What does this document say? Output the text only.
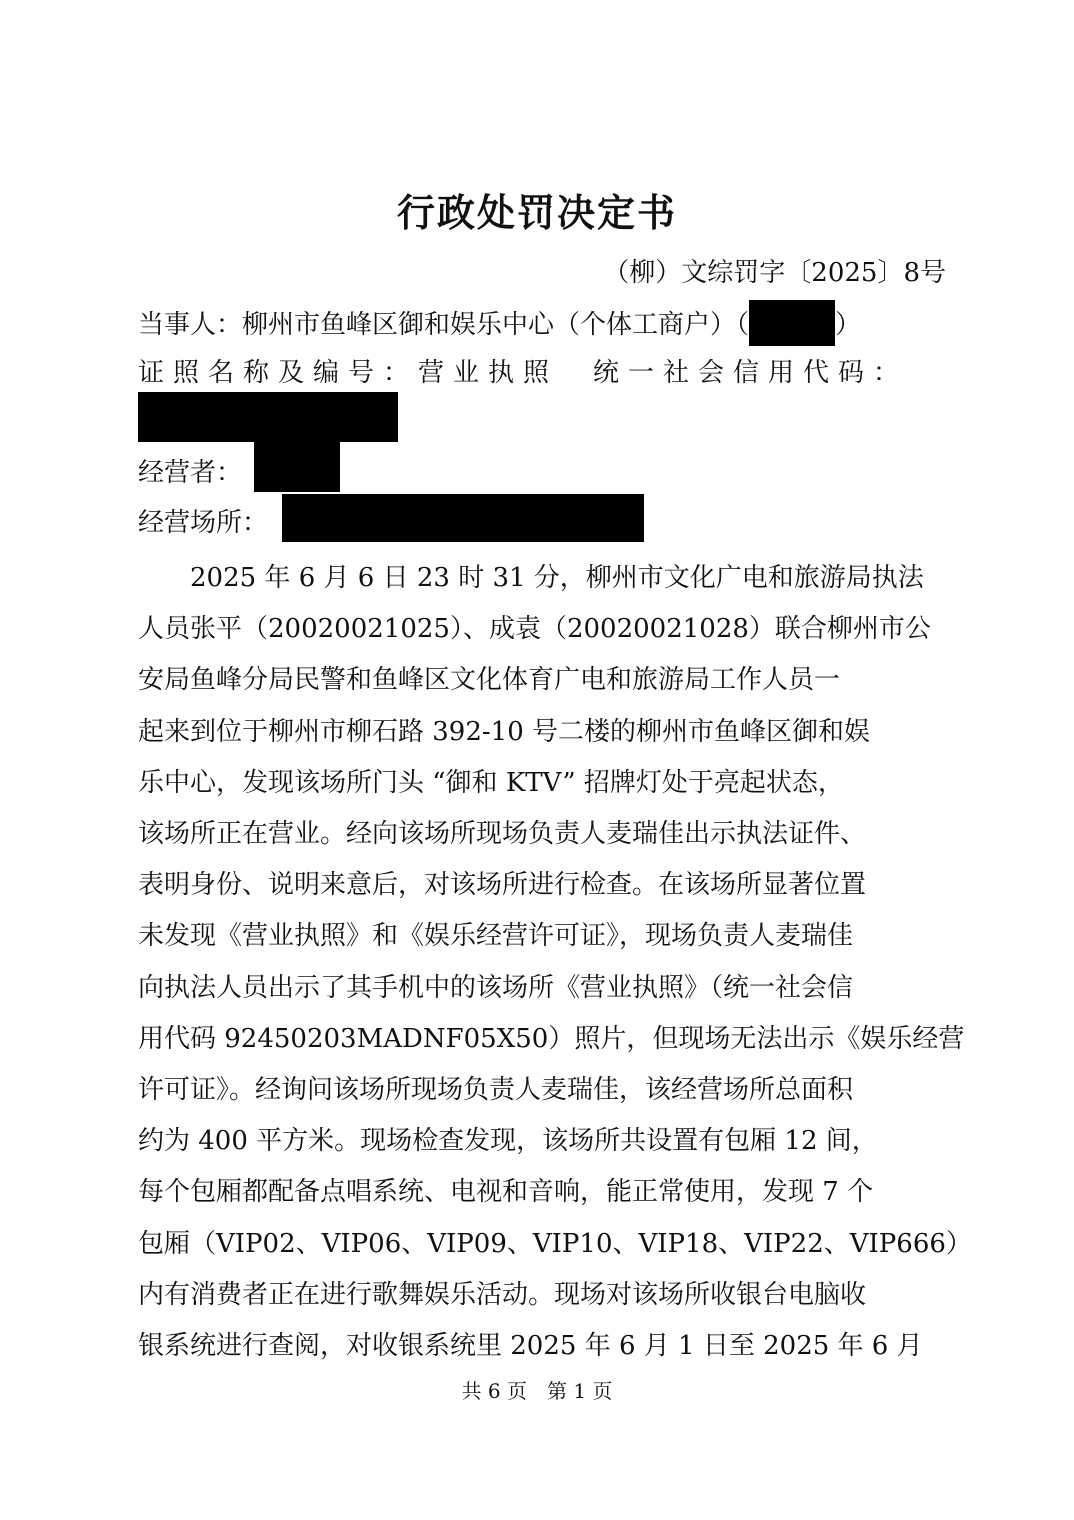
行政处罚决定书
（柳）文综罚字〔2025〕8号
当事人：柳州市鱼峰区御和娱乐中心（个体工商户）（	）
证照名称及编号：营业执照　统一社会信用代码：
经营者：
经营场所：
　　2025 年 6 月 6 日 23 时 31 分，柳州市文化广电和旅游局执法
人员张平（20020021025）、成袁（20020021028）联合柳州市公
安局鱼峰分局民警和鱼峰区文化体育广电和旅游局工作人员一
起来到位于柳州市柳石路 392-10 号二楼的柳州市鱼峰区御和娱
乐中心，发现该场所门头 “御和 KTV” 招牌灯处于亮起状态，
该场所正在营业。经向该场所现场负责人麦瑞佳出示执法证件、
表明身份、说明来意后，对该场所进行检查。在该场所显著位置
未发现《营业执照》和《娱乐经营许可证》，现场负责人麦瑞佳
向执法人员出示了其手机中的该场所《营业执照》（统一社会信
用代码 92450203MADNF05X50）照片，但现场无法出示《娱乐经营
许可证》。经询问该场所现场负责人麦瑞佳，该经营场所总面积
约为 400 平方米。现场检查发现，该场所共设置有包厢 12 间，
每个包厢都配备点唱系统、电视和音响，能正常使用，发现 7 个
包厢（VIP02、VIP06、VIP09、VIP10、VIP18、VIP22、VIP666）
内有消费者正在进行歌舞娱乐活动。现场对该场所收银台电脑收
银系统进行查阅，对收银系统里 2025 年 6 月 1 日至 2025 年 6 月
共 6 页　第 1 页
